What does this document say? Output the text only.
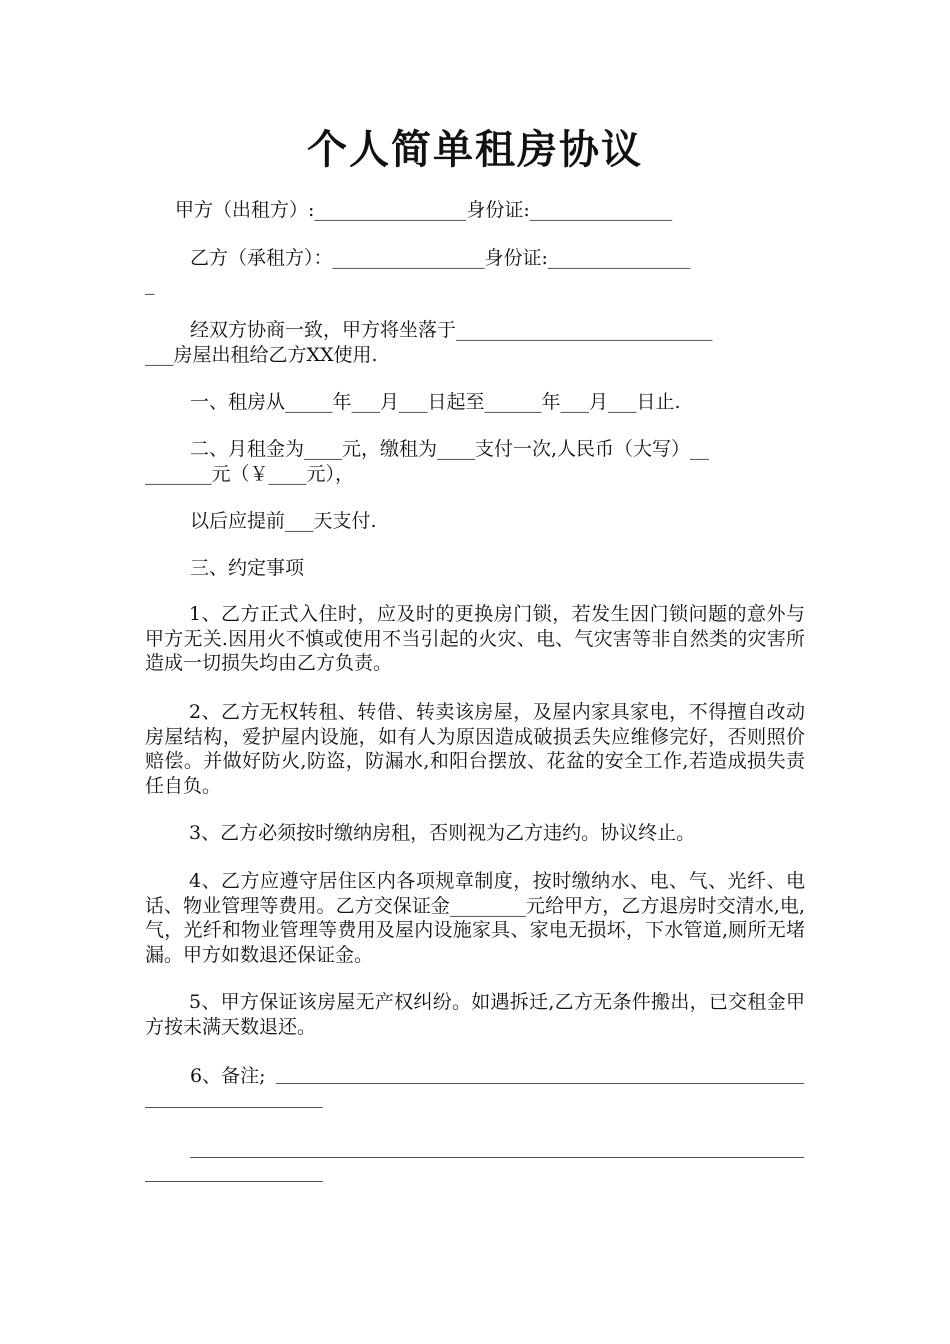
个人简单租房协议
甲方（出租方）:________________身份证:_______________
乙方（承租方）：________________身份证:_______________
_
经双方协商一致，甲方将坐落于___________________________
___房屋出租给乙方XX使用.
一、租房从_____年___月___日起至______年___月___日止.
二、月租金为____元，缴租为____支付一次,人民币（大写）__
_______元（￥____元），
以后应提前___天支付.
三、约定事项
1、乙方正式入住时，应及时的更换房门锁，若发生因门锁问题的意外与甲方无关.因用火不慎或使用不当引起的火灾、电、气灾害等非自然类的灾害所造成一切损失均由乙方负责。
2、乙方无权转租、转借、转卖该房屋，及屋内家具家电，不得擅自改动房屋结构，爱护屋内设施，如有人为原因造成破损丢失应维修完好，否则照价赔偿。并做好防火,防盗，防漏水,和阳台摆放、花盆的安全工作,若造成损失责任自负。
3、乙方必须按时缴纳房租，否则视为乙方违约。协议终止。
4、乙方应遵守居住区内各项规章制度，按时缴纳水、电、气、光纤、电话、物业管理等费用。乙方交保证金________元给甲方，乙方退房时交清水,电,气，光纤和物业管理等费用及屋内设施家具、家电无损坏，下水管道,厕所无堵漏。甲方如数退还保证金。
5、甲方保证该房屋无产权纠纷。如遇拆迁,乙方无条件搬出，已交租金甲方按未满天数退还。
6、备注;
